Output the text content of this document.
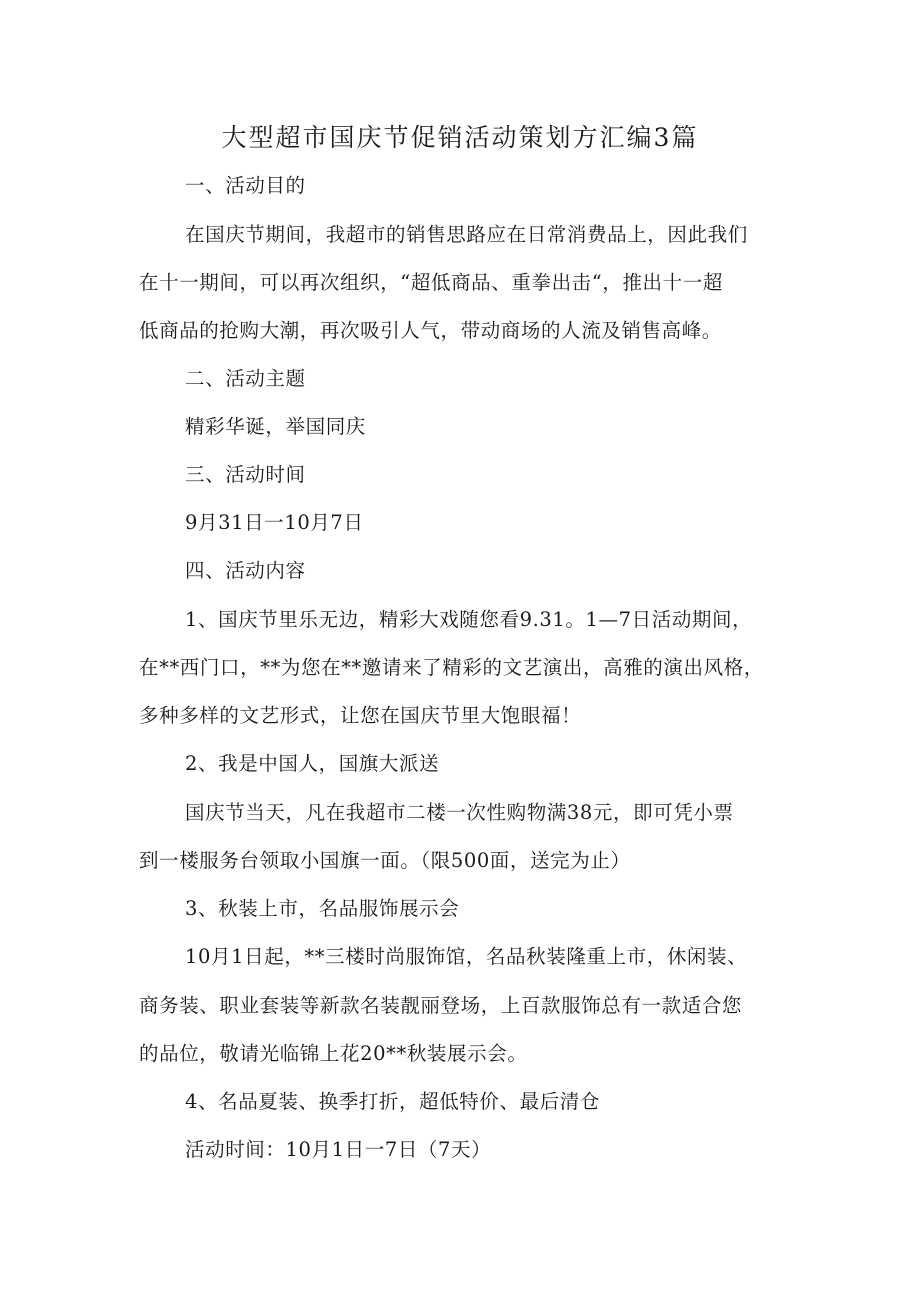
大型超市国庆节促销活动策划方汇编3篇
一、活动目的
在国庆节期间，我超市的销售思路应在日常消费品上，因此我们
在十一期间，可以再次组织，“超低商品、重拳出击“，推出十一超
低商品的抢购大潮，再次吸引人气，带动商场的人流及销售高峰。
二、活动主题
精彩华诞，举国同庆
三、活动时间
9月31日一10月7日
四、活动内容
1、国庆节里乐无边，精彩大戏随您看9.31。1—7日活动期间，
在**西门口，**为您在**邀请来了精彩的文艺演出，高雅的演出风格，
多种多样的文艺形式，让您在国庆节里大饱眼福！
2、我是中国人，国旗大派送
国庆节当天，凡在我超市二楼一次性购物满38元，即可凭小票
到一楼服务台领取小国旗一面。（限500面，送完为止）
3、秋装上市，名品服饰展示会
10月1日起，**三楼时尚服饰馆，名品秋装隆重上市，休闲装、
商务装、职业套装等新款名装靓丽登场，上百款服饰总有一款适合您
的品位，敬请光临锦上花20**秋装展示会。
4、名品夏装、换季打折，超低特价、最后清仓
活动时间：10月1日一7日（7天）
